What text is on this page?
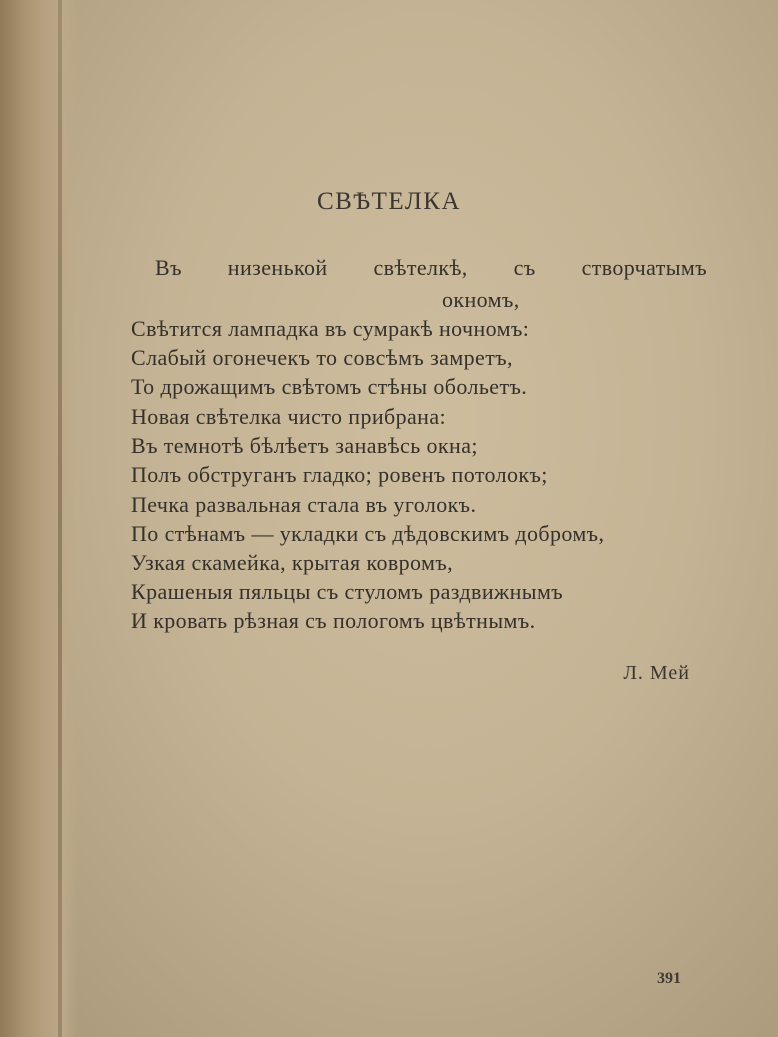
СВѢТЕЛКА
Въ низенькой свѣтелкѣ, съ створчатымъ
окномъ,
Свѣтится лампадка въ сумракѣ ночномъ:
Слабый огонечекъ то совсѣмъ замретъ,
То дрожащимъ свѣтомъ стѣны обольетъ.
Новая свѣтелка чисто прибрана:
Въ темнотѣ бѣлѣетъ занавѣсь окна;
Полъ обструганъ гладко; ровенъ потолокъ;
Печка развальная стала въ уголокъ.
По стѣнамъ — укладки съ дѣдовскимъ добромъ,
Узкая скамейка, крытая ковромъ,
Крашеныя пяльцы съ стуломъ раздвижнымъ
И кровать рѣзная съ пологомъ цвѣтнымъ.
Л. Мей
391
